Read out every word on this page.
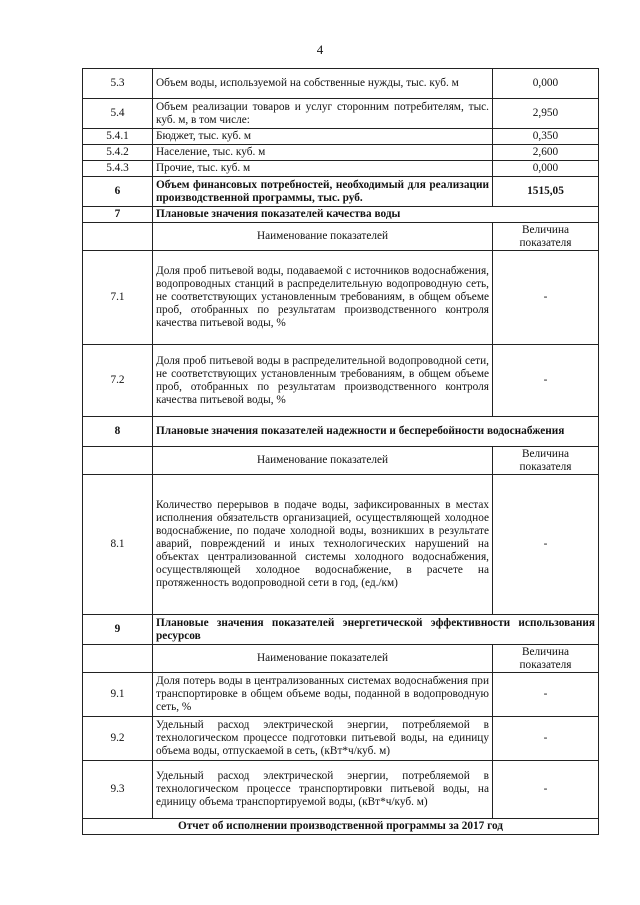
4
5.3	Объем воды, используемой на собственные нужды, тыс. куб. м	0,000
5.4	Объем реализации товаров и услуг сторонним потребителям, тыс. куб. м, в том числе:	2,950
5.4.1	Бюджет, тыс. куб. м	0,350
5.4.2	Население, тыс. куб. м	2,600
5.4.3	Прочие, тыс. куб. м	0,000
6	Объем финансовых потребностей, необходимый для реализации производственной программы, тыс. руб.	1515,05
7	Плановые значения показателей качества воды	
	Наименование показателей	Величина показателя
7.1	Доля проб питьевой воды, подаваемой с источников водоснабжения, водопроводных станций в распределительную водопроводную сеть, не соответствующих установленным требованиям, в общем объеме проб, отобранных по результатам производственного контроля качества питьевой воды, %	-
7.2	Доля проб питьевой воды в распределительной водопроводной сети, не соответствующих установленным требованиям, в общем объеме проб, отобранных по результатам производственного контроля качества питьевой воды, %	-
8	Плановые значения показателей надежности и бесперебойности водоснабжения	
	Наименование показателей	Величина показателя
8.1	Количество перерывов в подаче воды, зафиксированных в местах исполнения обязательств организацией, осуществляющей холодное водоснабжение, по подаче холодной воды, возникших в результате аварий, повреждений и иных технологических нарушений на объектах централизованной системы холодного водоснабжения, осуществляющей холодное водоснабжение, в расчете на протяженность водопроводной сети в год, (ед./км)	-
9	Плановые значения показателей энергетической эффективности использования ресурсов	
	Наименование показателей	Величина показателя
9.1	Доля потерь воды в централизованных системах водоснабжения при транспортировке в общем объеме воды, поданной в водопроводную сеть, %	-
9.2	Удельный расход электрической энергии, потребляемой в технологическом процессе подготовки питьевой воды, на единицу объема воды, отпускаемой в сеть, (кВт*ч/куб. м)	-
9.3	Удельный расход электрической энергии, потребляемой в технологическом процессе транспортировки питьевой воды, на единицу объема транспортируемой воды, (кВт*ч/куб. м)	-
Отчет об исполнении производственной программы за 2017 год		
